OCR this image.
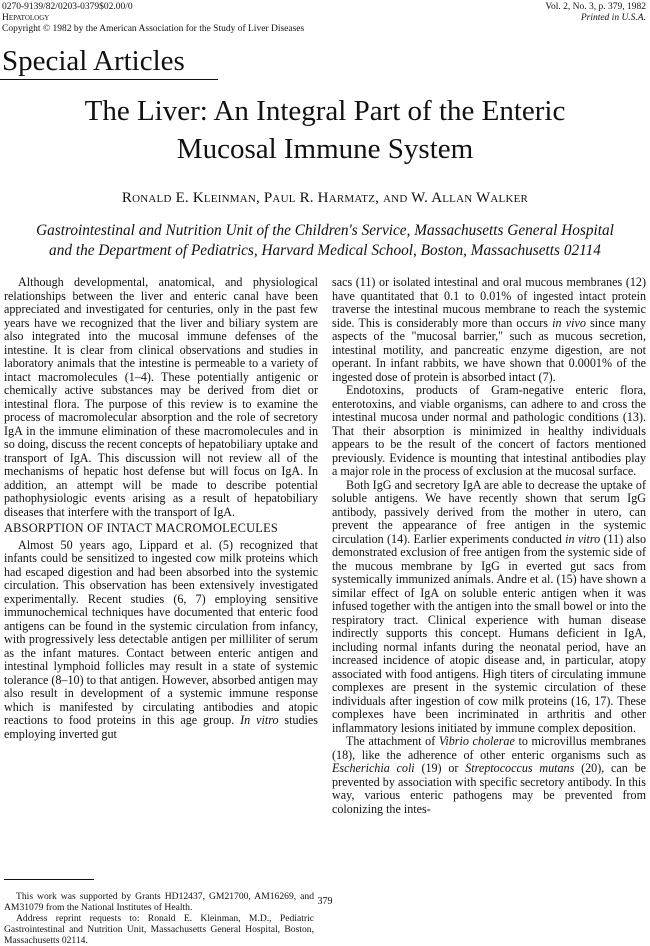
0270-9139/82/0203-0379$02.00/0
Hepatology
Copyright © 1982 by the American Association for the Study of Liver Diseases
Vol. 2, No. 3, p. 379, 1982
Printed in U.S.A.
Special Articles
The Liver: An Integral Part of the Enteric
Mucosal Immune System
Ronald E. Kleinman, Paul R. Harmatz, and W. Allan Walker
Gastrointestinal and Nutrition Unit of the Children's Service, Massachusetts General Hospital
and the Department of Pediatrics, Harvard Medical School, Boston, Massachusetts 02114

Although developmental, anatomical, and physiological relationships between the liver and enteric canal have been appreciated and investigated for centuries, only in the past few years have we recognized that the liver and biliary system are also integrated into the mucosal immune defenses of the intestine. It is clear from clinical observations and studies in laboratory animals that the intestine is permeable to a variety of intact macromolecules (1–4). These potentially antigenic or chemically active substances may be derived from diet or intestinal flora. The purpose of this review is to examine the process of macromolecular absorption and the role of secretory IgA in the immune elimination of these macromolecules and in so doing, discuss the recent concepts of hepatobiliary uptake and transport of IgA. This discussion will not review all of the mechanisms of hepatic host defense but will focus on IgA. In addition, an attempt will be made to describe potential pathophysiologic events arising as a result of hepatobiliary diseases that interfere with the transport of IgA.

ABSORPTION OF INTACT MACROMOLECULES

Almost 50 years ago, Lippard et al. (5) recognized that infants could be sensitized to ingested cow milk proteins which had escaped digestion and had been absorbed into the systemic circulation. This observation has been extensively investigated experimentally. Recent studies (6, 7) employing sensitive immunochemical techniques have documented that enteric food antigens can be found in the systemic circulation from infancy, with progressively less detectable antigen per milliliter of serum as the infant matures. Contact between enteric antigen and intestinal lymphoid follicles may result in a state of systemic tolerance (8–10) to that antigen. However, absorbed antigen may also result in development of a systemic immune response which is manifested by circulating antibodies and atopic reactions to food proteins in this age group. In vitro studies employing inverted gut

sacs (11) or isolated intestinal and oral mucous membranes (12) have quantitated that 0.1 to 0.01% of ingested intact protein traverse the intestinal mucous membrane to reach the systemic side. This is considerably more than occurs in vivo since many aspects of the "mucosal barrier," such as mucous secretion, intestinal motility, and pancreatic enzyme digestion, are not operant. In infant rabbits, we have shown that 0.0001% of the ingested dose of protein is absorbed intact (7).

Endotoxins, products of Gram-negative enteric flora, enterotoxins, and viable organisms, can adhere to and cross the intestinal mucosa under normal and pathologic conditions (13). That their absorption is minimized in healthy individuals appears to be the result of the concert of factors mentioned previously. Evidence is mounting that intestinal antibodies play a major role in the process of exclusion at the mucosal surface.

Both IgG and secretory IgA are able to decrease the uptake of soluble antigens. We have recently shown that serum IgG antibody, passively derived from the mother in utero, can prevent the appearance of free antigen in the systemic circulation (14). Earlier experiments conducted in vitro (11) also demonstrated exclusion of free antigen from the systemic side of the mucous membrane by IgG in everted gut sacs from systemically immunized animals. Andre et al. (15) have shown a similar effect of IgA on soluble enteric antigen when it was infused together with the antigen into the small bowel or into the respiratory tract. Clinical experience with human disease indirectly supports this concept. Humans deficient in IgA, including normal infants during the neonatal period, have an increased incidence of atopic disease and, in particular, atopy associated with food antigens. High titers of circulating immune complexes are present in the systemic circulation of these individuals after ingestion of cow milk proteins (16, 17). These complexes have been incriminated in arthritis and other inflammatory lesions initiated by immune complex deposition.

The attachment of Vibrio cholerae to microvillus membranes (18), like the adherence of other enteric organisms such as Escherichia coli (19) or Streptococcus mutans (20), can be prevented by association with specific secretory antibody. In this way, various enteric pathogens may be prevented from colonizing the intes-

This work was supported by Grants HD12437, GM21700, AM16269, and AM31079 from the National Institutes of Health.

Address reprint requests to: Ronald E. Kleinman, M.D., Pediatric Gastrointestinal and Nutrition Unit, Massachusetts General Hospital, Boston, Massachusetts 02114.

379
